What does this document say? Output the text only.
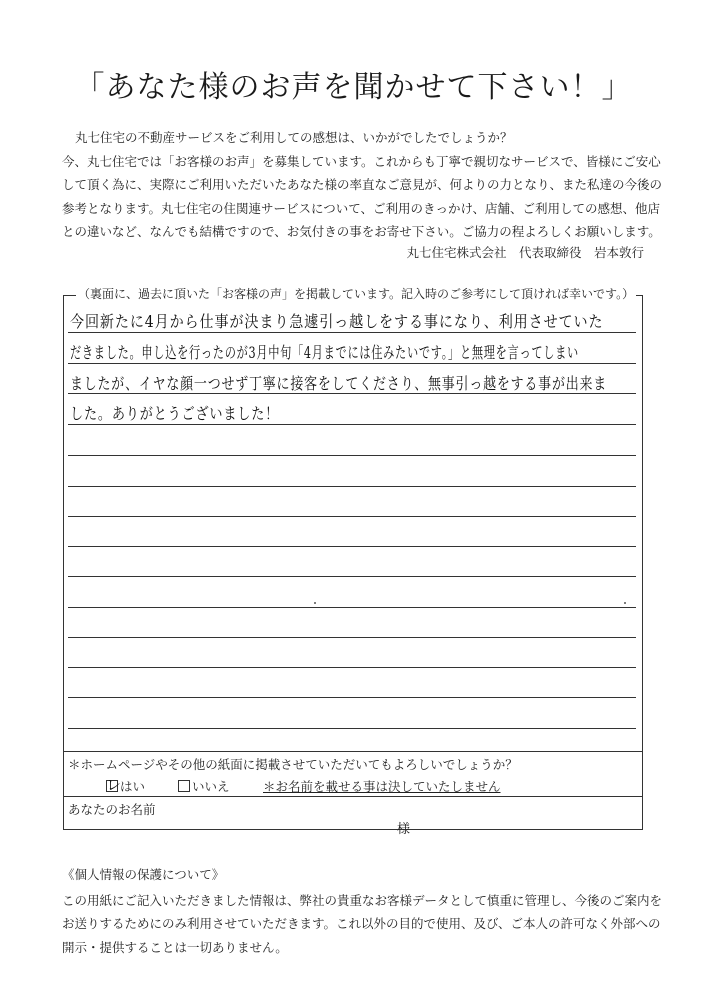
「あなた様のお声を聞かせて下さい！」

丸七住宅の不動産サービスをご利用しての感想は、いかがでしたでしょうか？

今、丸七住宅では「お客様のお声」を募集しています。これからも丁寧で親切なサービスで、皆様にご安心

して頂く為に、実際にご利用いただいたあなた様の率直なご意見が、何よりの力となり、また私達の今後の

参考となります。丸七住宅の住関連サービスについて、ご利用のきっかけ、店舗、ご利用しての感想、他店

との違いなど、なんでも結構ですので、お気付きの事をお寄せ下さい。ご協力の程よろしくお願いします。

丸七住宅株式会社　代表取締役　岩本敦行
（裏面に、過去に頂いた「お客様の声」を掲載しています。記入時のご参考にして頂ければ幸いです。）
今回新たに4月から仕事が決まり急遽引っ越しをする事になり、利用させていた
だきました。申し込を行ったのが3月中旬「4月までには住みたいです。」と無理を言ってしまい
ましたが、イヤな顔一つせず丁寧に接客をしてくださり、無事引っ越をする事が出来ま
した。ありがとうございました！
＊ホームページやその他の紙面に掲載させていただいてもよろしいでしょうか？
レ
はい	いいえ	＊お名前を載せる事は決していたしません
あなたのお名前
様
《個人情報の保護について》

この用紙にご記入いただきました情報は、弊社の貴重なお客様データとして慎重に管理し、今後のご案内を

お送りするためにのみ利用させていただきます。これ以外の目的で使用、及び、ご本人の許可なく外部への

開示・提供することは一切ありません。
